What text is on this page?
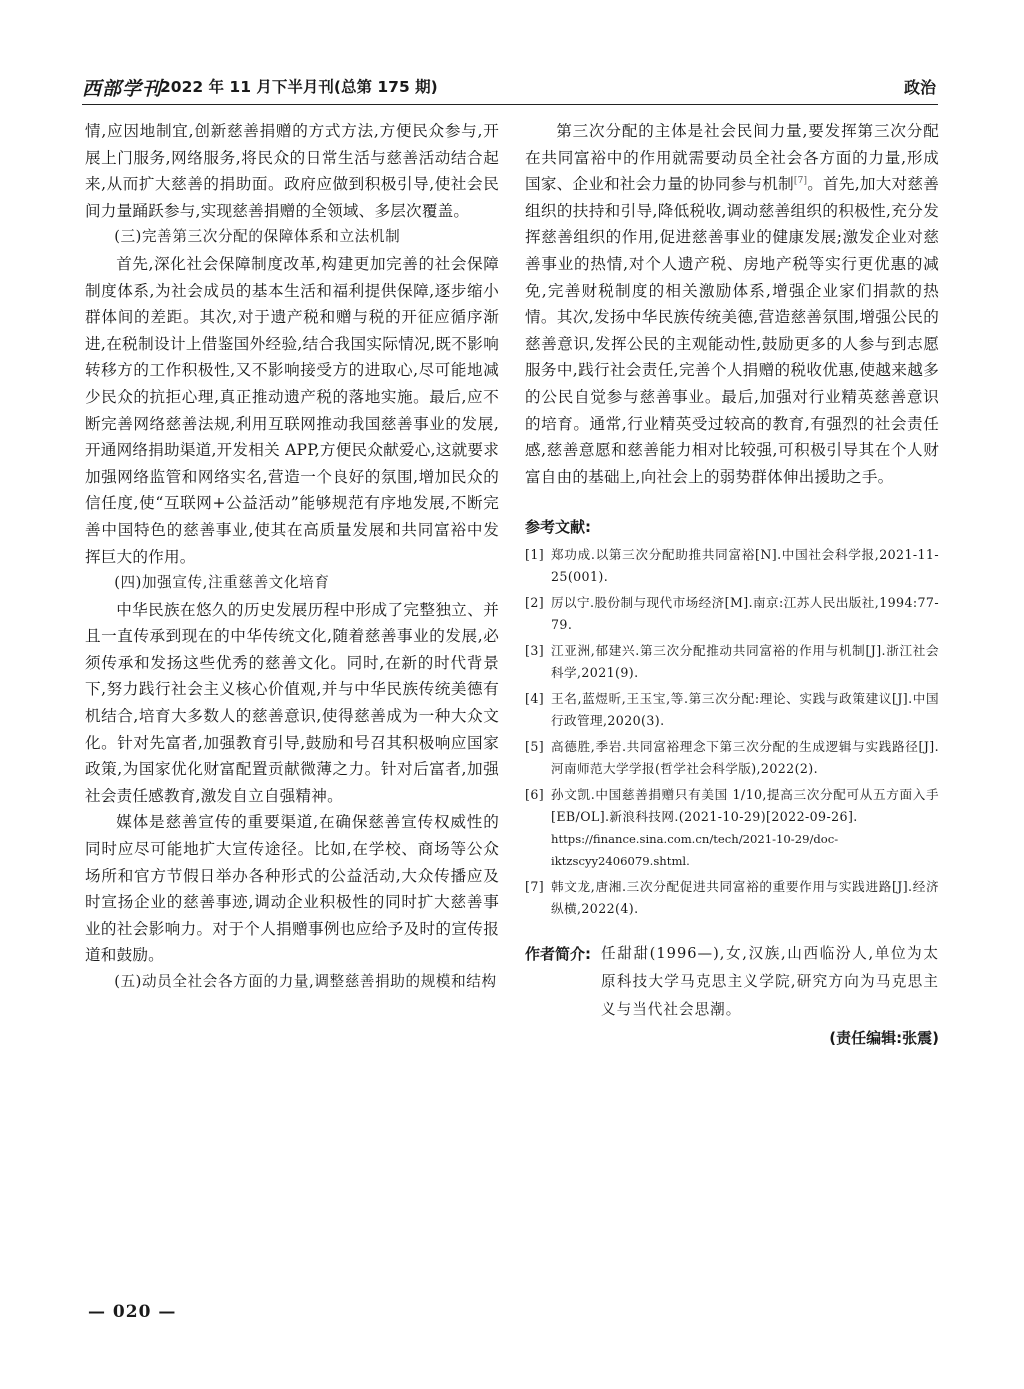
西部学刊
2022 年 11 月下半月刊(总第 175 期)	政治

情,应因地制宜,创新慈善捐赠的方式方法,方便民众参与,开展上门服务,网络服务,将民众的日常生活与慈善活动结合起来,从而扩大慈善的捐助面。政府应做到积极引导,使社会民间力量踊跃参与,实现慈善捐赠的全领域、多层次覆盖。

(三)完善第三次分配的保障体系和立法机制

首先,深化社会保障制度改革,构建更加完善的社会保障制度体系,为社会成员的基本生活和福利提供保障,逐步缩小群体间的差距。其次,对于遗产税和赠与税的开征应循序渐进,在税制设计上借鉴国外经验,结合我国实际情况,既不影响转移方的工作积极性,又不影响接受方的进取心,尽可能地减少民众的抗拒心理,真正推动遗产税的落地实施。最后,应不断完善网络慈善法规,利用互联网推动我国慈善事业的发展,开通网络捐助渠道,开发相关 APP,方便民众献爱心,这就要求加强网络监管和网络实名,营造一个良好的氛围,增加民众的信任度,使“互联网+公益活动”能够规范有序地发展,不断完善中国特色的慈善事业,使其在高质量发展和共同富裕中发挥巨大的作用。

(四)加强宣传,注重慈善文化培育

中华民族在悠久的历史发展历程中形成了完整独立、并且一直传承到现在的中华传统文化,随着慈善事业的发展,必须传承和发扬这些优秀的慈善文化。同时,在新的时代背景下,努力践行社会主义核心价值观,并与中华民族传统美德有机结合,培育大多数人的慈善意识,使得慈善成为一种大众文化。针对先富者,加强教育引导,鼓励和号召其积极响应国家政策,为国家优化财富配置贡献微薄之力。针对后富者,加强社会责任感教育,激发自立自强精神。

媒体是慈善宣传的重要渠道,在确保慈善宣传权威性的同时应尽可能地扩大宣传途径。比如,在学校、商场等公众场所和官方节假日举办各种形式的公益活动,大众传播应及时宣扬企业的慈善事迹,调动企业积极性的同时扩大慈善事业的社会影响力。对于个人捐赠事例也应给予及时的宣传报道和鼓励。

(五)动员全社会各方面的力量,调整慈善捐助的规模和结构

第三次分配的主体是社会民间力量,要发挥第三次分配在共同富裕中的作用就需要动员全社会各方面的力量,形成国家、企业和社会力量的协同参与机制[7]。首先,加大对慈善组织的扶持和引导,降低税收,调动慈善组织的积极性,充分发挥慈善组织的作用,促进慈善事业的健康发展;激发企业对慈善事业的热情,对个人遗产税、房地产税等实行更优惠的减免,完善财税制度的相关激励体系,增强企业家们捐款的热情。其次,发扬中华民族传统美德,营造慈善氛围,增强公民的慈善意识,发挥公民的主观能动性,鼓励更多的人参与到志愿服务中,践行社会责任,完善个人捐赠的税收优惠,使越来越多的公民自觉参与慈善事业。最后,加强对行业精英慈善意识的培育。通常,行业精英受过较高的教育,有强烈的社会责任感,慈善意愿和慈善能力相对比较强,可积极引导其在个人财富自由的基础上,向社会上的弱势群体伸出援助之手。

参考文献:
[1] 郑功成.以第三次分配助推共同富裕[N].中国社会科学报,2021-11-25(001).
[2] 厉以宁.股份制与现代市场经济[M].南京:江苏人民出版社,1994:77-79.
[3] 江亚洲,郁建兴.第三次分配推动共同富裕的作用与机制[J].浙江社会科学,2021(9).
[4] 王名,蓝煜昕,王玉宝,等.第三次分配:理论、实践与政策建议[J].中国行政管理,2020(3).
[5] 高德胜,季岩.共同富裕理念下第三次分配的生成逻辑与实践路径[J].河南师范大学学报(哲学社会科学版),2022(2).
[6] 孙文凯.中国慈善捐赠只有美国 1/10,提高三次分配可从五方面入手[EB/OL].新浪科技网.(2021-10-29)[2022-09-26].
https://finance.sina.com.cn/tech/2021-10-29/doc-iktzscyy2406079.shtml.
[7] 韩文龙,唐湘.三次分配促进共同富裕的重要作用与实践进路[J].经济纵横,2022(4).
作者简介: 任甜甜(1996—),女,汉族,山西临汾人,单位为太原科技大学马克思主义学院,研究方向为马克思主义与当代社会思潮。
(责任编辑:张震)
— 020 —
